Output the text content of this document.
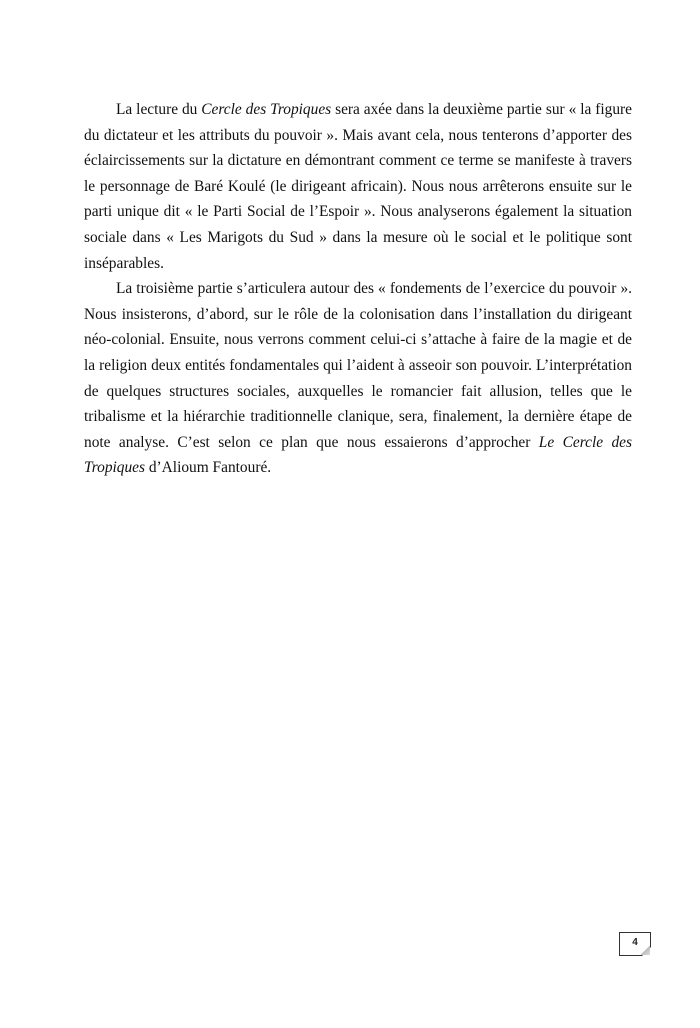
La lecture du Cercle des Tropiques sera axée dans la deuxième partie sur « la figure du dictateur et les attributs du pouvoir ». Mais avant cela, nous tenterons d’apporter des éclaircissements sur la dictature en démontrant comment ce terme se manifeste à travers le personnage de Baré Koulé (le dirigeant africain). Nous nous arrêterons ensuite sur le parti unique dit « le Parti Social de l’Espoir ». Nous analyserons également la situation sociale dans « Les Marigots du Sud » dans la mesure où le social et le politique sont inséparables.

La troisième partie s’articulera autour des « fondements de l’exercice du pouvoir ». Nous insisterons, d’abord, sur le rôle de la colonisation dans l’installation du dirigeant néo-colonial. Ensuite, nous verrons comment celui-ci s’attache à faire de la magie et de la religion deux entités fondamentales qui l’aident à asseoir son pouvoir. L’interprétation de quelques structures sociales, auxquelles le romancier fait allusion, telles que le tribalisme et la hiérarchie traditionnelle clanique, sera, finalement, la dernière étape de note analyse. C’est selon ce plan que nous essaierons d’approcher Le Cercle des Tropiques d’Alioum Fantouré.

4
